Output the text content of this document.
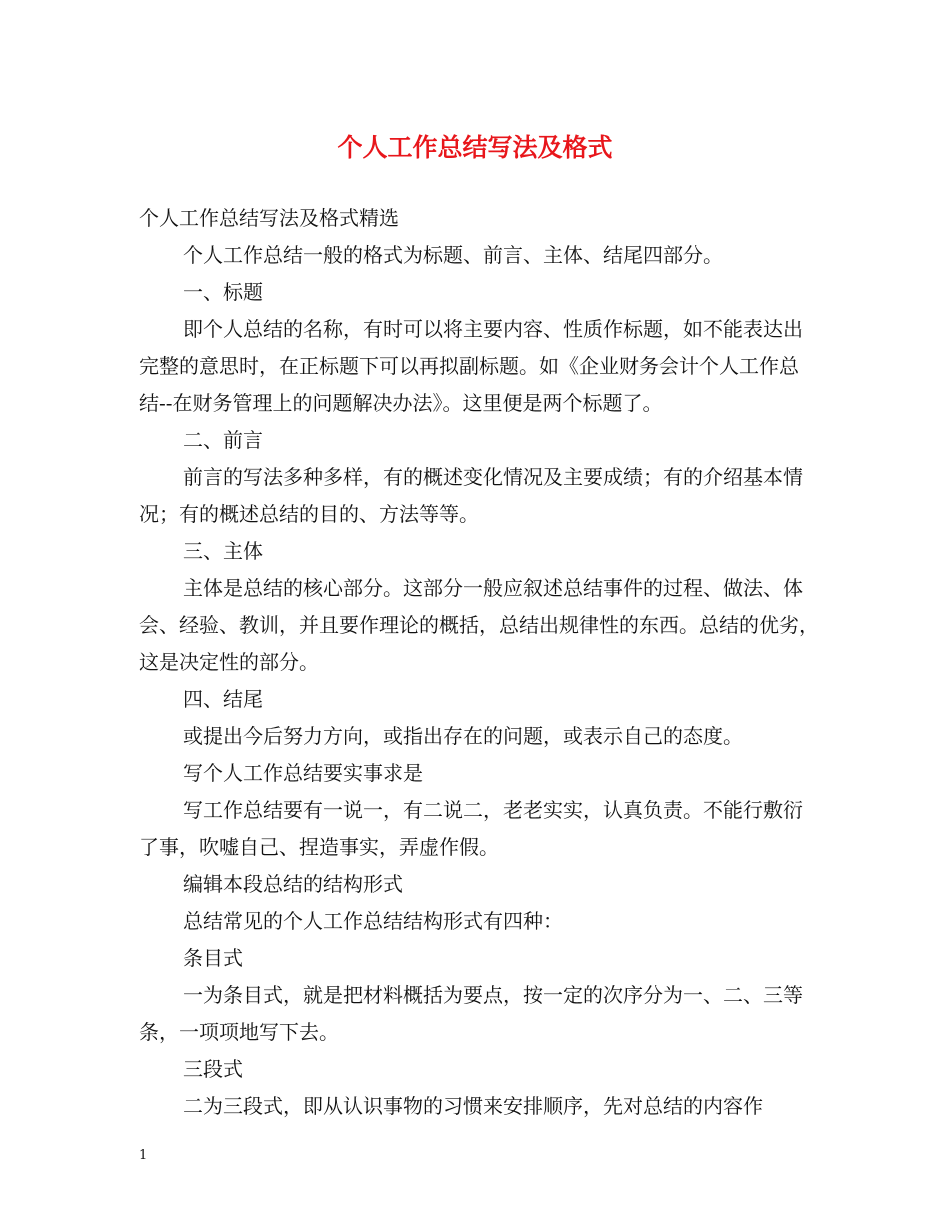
个人工作总结写法及格式

个人工作总结写法及格式精选

个人工作总结一般的格式为标题、前言、主体、结尾四部分。

一、标题

即个人总结的名称，有时可以将主要内容、性质作标题，如不能表达出完整的意思时，在正标题下可以再拟副标题。如《企业财务会计个人工作总结--在财务管理上的问题解决办法》。这里便是两个标题了。

二、前言

前言的写法多种多样，有的概述变化情况及主要成绩；有的介绍基本情况；有的概述总结的目的、方法等等。

三、主体

主体是总结的核心部分。这部分一般应叙述总结事件的过程、做法、体会、经验、教训，并且要作理论的概括，总结出规律性的东西。总结的优劣，这是决定性的部分。

四、结尾

或提出今后努力方向，或指出存在的问题，或表示自己的态度。

写个人工作总结要实事求是

写工作总结要有一说一，有二说二，老老实实，认真负责。不能行敷衍了事，吹嘘自己、捏造事实，弄虚作假。

编辑本段总结的结构形式

总结常见的个人工作总结结构形式有四种：

条目式

一为条目式，就是把材料概括为要点，按一定的次序分为一、二、三等条，一项项地写下去。

三段式

二为三段式，即从认识事物的习惯来安排顺序，先对总结的内容作

1
